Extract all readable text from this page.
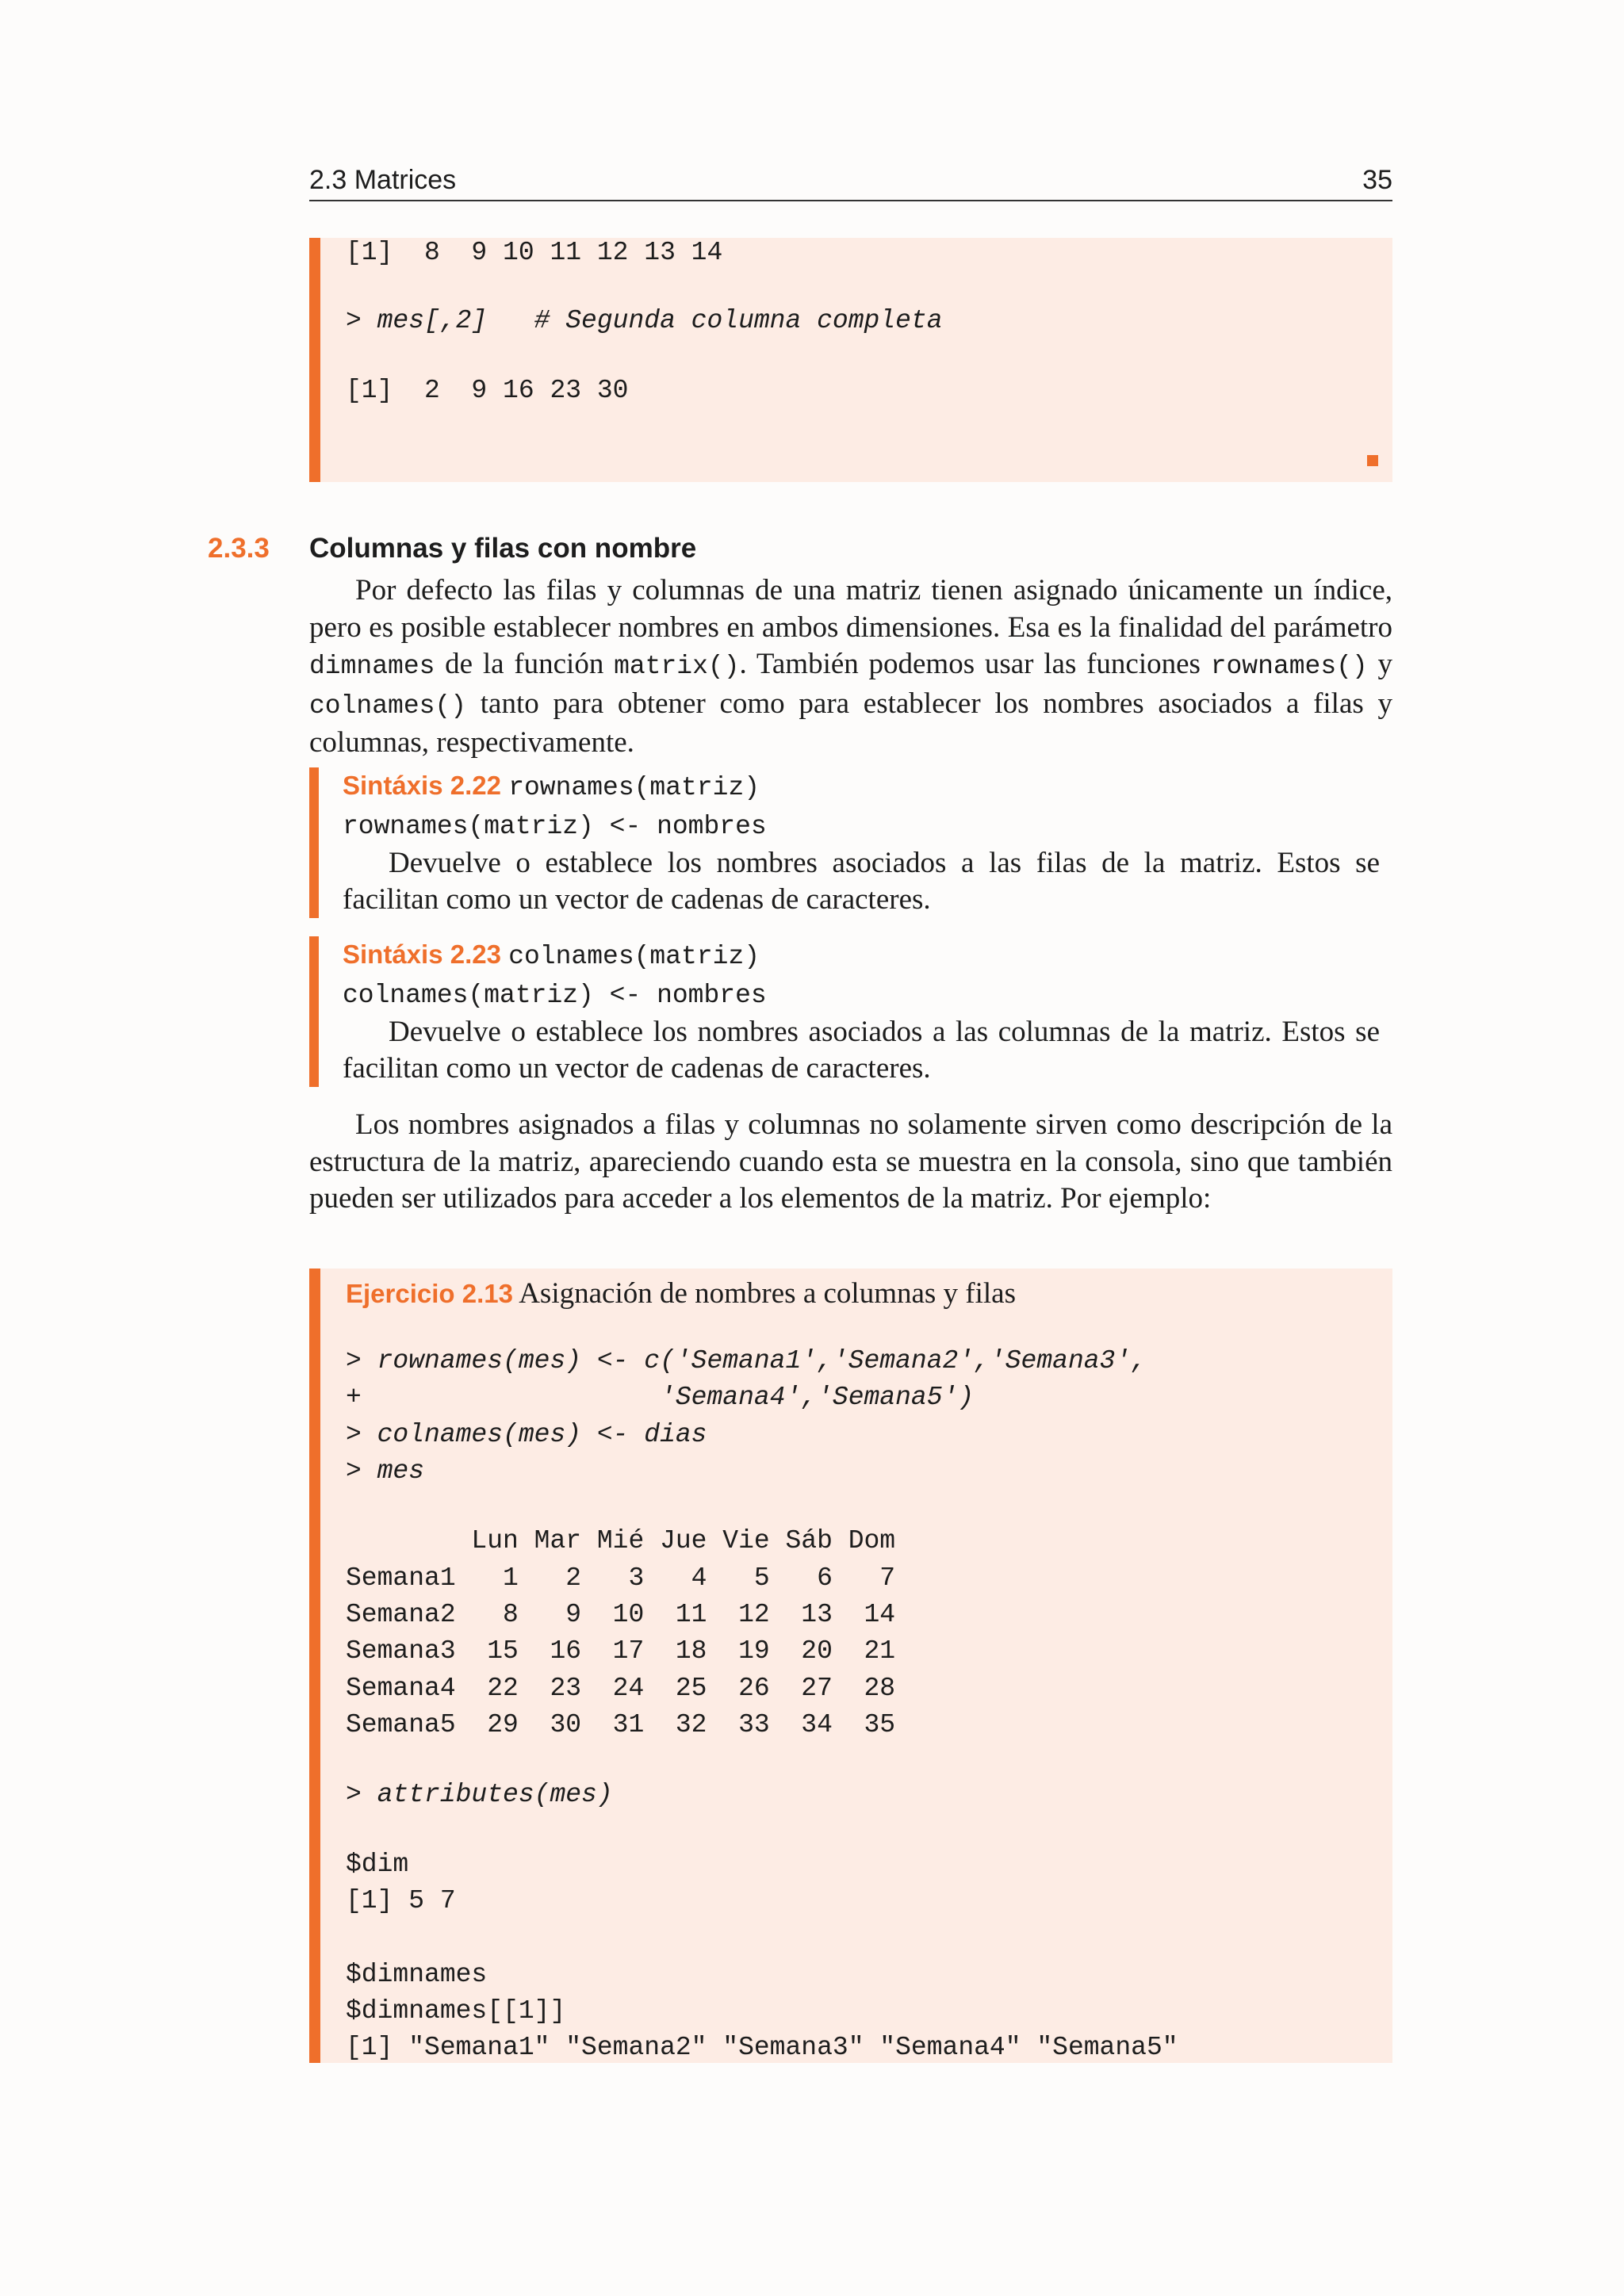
2.3 Matrices	35
[1]  8  9 10 11 12 13 14
> mes[,2]   # Segunda columna completa
[1]  2  9 16 23 30
2.3.3 Columnas y filas con nombre
Por defecto las filas y columnas de una matriz tienen asignado únicamente un índice, pero es posible establecer nombres en ambos dimensiones. Esa es la finalidad del parámetro dimnames de la función matrix(). También podemos usar las funciones rownames() y colnames() tanto para obtener como para establecer los nombres asociados a filas y columnas, respectivamente.
Sintáxis 2.22 rownames(matriz)
rownames(matriz) <- nombres
Devuelve o establece los nombres asociados a las filas de la matriz. Estos se facilitan como un vector de cadenas de caracteres.
Sintáxis 2.23 colnames(matriz)
colnames(matriz) <- nombres
Devuelve o establece los nombres asociados a las columnas de la matriz. Estos se facilitan como un vector de cadenas de caracteres.
Los nombres asignados a filas y columnas no solamente sirven como descripción de la estructura de la matriz, apareciendo cuando esta se muestra en la consola, sino que también pueden ser utilizados para acceder a los elementos de la matriz. Por ejemplo:
Ejercicio 2.13 Asignación de nombres a columnas y filas
> rownames(mes) <- c('Semana1','Semana2','Semana3',
+                   'Semana4','Semana5')
> colnames(mes) <- dias
> mes
Lun Mar Mié Jue Vie Sáb Dom
Semana1   1   2   3   4   5   6   7
Semana2   8   9  10  11  12  13  14
Semana3  15  16  17  18  19  20  21
Semana4  22  23  24  25  26  27  28
Semana5  29  30  31  32  33  34  35
> attributes(mes)
$dim
[1] 5 7
$dimnames
$dimnames[[1]]
[1] "Semana1" "Semana2" "Semana3" "Semana4" "Semana5"
